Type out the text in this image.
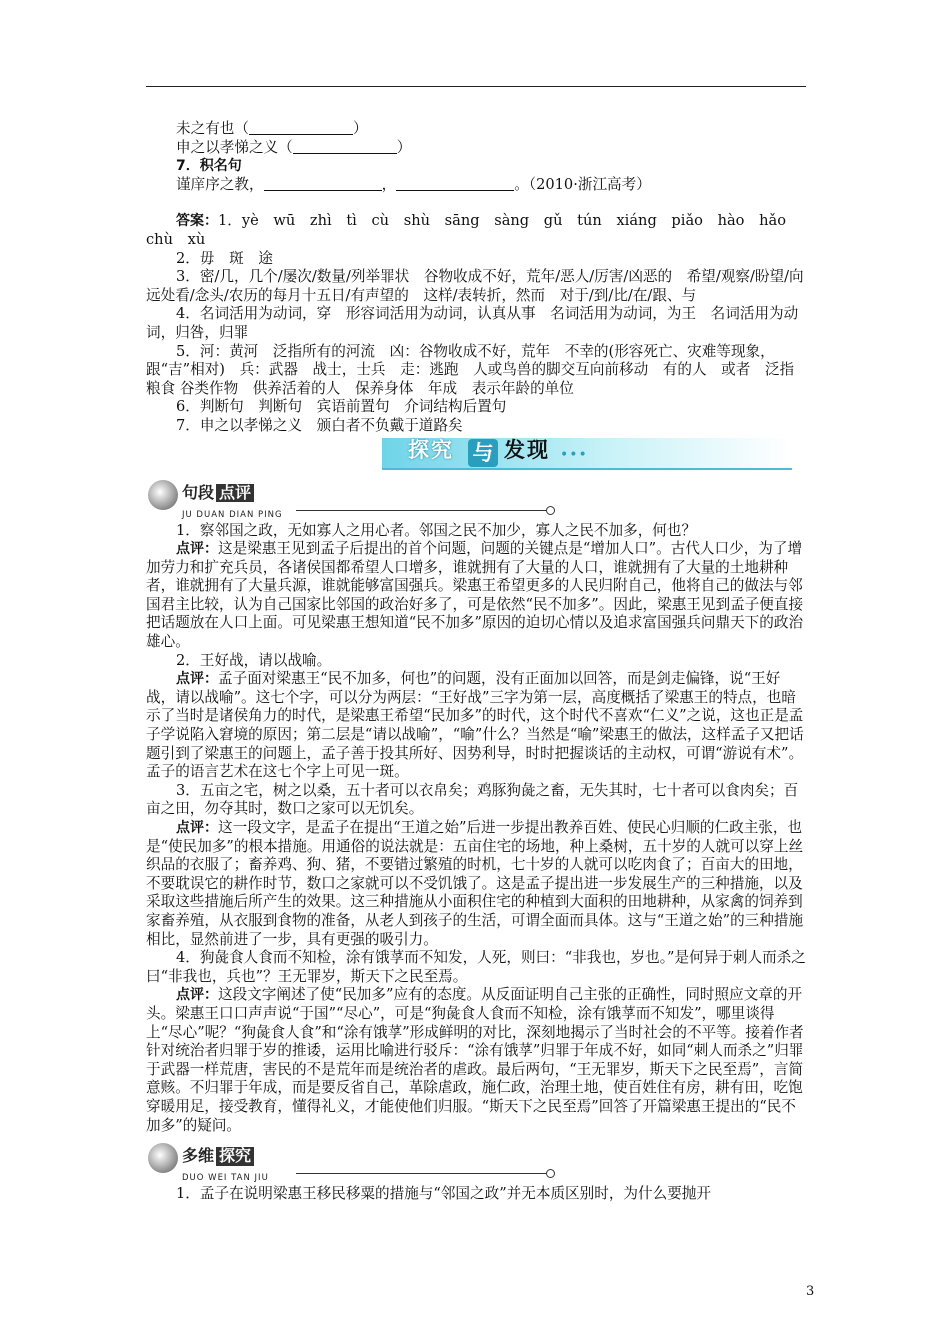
未之有也（	）

申之以孝悌之义（	）

7．积名句

谨庠序之教，	，	。（2010·浙江高考）

答案：1．yè wū zhì tì cù shù sāng sàng gǔ tún xiáng piǎo hào hǎo chù xù

2．毋　斑　途

3．密/几，几个/屡次/数量/列举罪状　谷物收成不好，荒年/恶人/厉害/凶恶的　希望/观察/盼望/向远处看/念头/农历的每月十五日/有声望的　这样/表转折，然而　对于/到/比/在/跟、与

4．名词活用为动词，穿　形容词活用为动词，认真从事　名词活用为动词，为王　名词活用为动词，归咎，归罪

5．河：黄河　泛指所有的河流　凶：谷物收成不好，荒年　不幸的(形容死亡、灾难等现象，跟“吉”相对)　兵：武器　战士，士兵　走：逃跑　人或鸟兽的脚交互向前移动　有的人　或者　泛指粮食 谷类作物　供养活着的人　保养身体　年成　表示年龄的单位

6．判断句　判断句　宾语前置句　介词结构后置句

7．申之以孝悌之义　颁白者不负戴于道路矣

探究 与 发现 •••
句段 点评
JU DUAN DIAN PING

1．察邻国之政，无如寡人之用心者。邻国之民不加少，寡人之民不加多，何也？

点评：这是梁惠王见到孟子后提出的首个问题，问题的关键点是“增加人口”。古代人口少，为了增加劳力和扩充兵员，各诸侯国都希望人口增多，谁就拥有了大量的人口，谁就拥有了大量的土地耕种者，谁就拥有了大量兵源，谁就能够富国强兵。梁惠王希望更多的人民归附自己，他将自己的做法与邻国君主比较，认为自己国家比邻国的政治好多了，可是依然“民不加多”。因此，梁惠王见到孟子便直接把话题放在人口上面。可见梁惠王想知道“民不加多”原因的迫切心情以及追求富国强兵问鼎天下的政治雄心。

2．王好战，请以战喻。

点评：孟子面对梁惠王“民不加多，何也”的问题，没有正面加以回答，而是剑走偏锋，说“王好战，请以战喻”。这七个字，可以分为两层：“王好战”三字为第一层，高度概括了梁惠王的特点，也暗示了当时是诸侯角力的时代，是梁惠王希望“民加多”的时代，这个时代不喜欢“仁义”之说，这也正是孟子学说陷入窘境的原因；第二层是“请以战喻”，“喻”什么？当然是“喻”梁惠王的做法，这样孟子又把话题引到了梁惠王的问题上，孟子善于投其所好、因势利导，时时把握谈话的主动权，可谓“游说有术”。孟子的语言艺术在这七个字上可见一斑。

3．五亩之宅，树之以桑，五十者可以衣帛矣；鸡豚狗彘之畜，无失其时，七十者可以食肉矣；百亩之田，勿夺其时，数口之家可以无饥矣。

点评：这一段文字，是孟子在提出“王道之始”后进一步提出教养百姓、使民心归顺的仁政主张，也是“使民加多”的根本措施。用通俗的说法就是：五亩住宅的场地，种上桑树，五十岁的人就可以穿上丝织品的衣服了；畜养鸡、狗、猪，不要错过繁殖的时机，七十岁的人就可以吃肉食了；百亩大的田地，不要耽误它的耕作时节，数口之家就可以不受饥饿了。这是孟子提出进一步发展生产的三种措施，以及采取这些措施后所产生的效果。这三种措施从小面积住宅的种植到大面积的田地耕种，从家禽的饲养到家畜养殖，从衣服到食物的准备，从老人到孩子的生活，可谓全面而具体。这与“王道之始”的三种措施相比，显然前进了一步，具有更强的吸引力。

4．狗彘食人食而不知检，涂有饿莩而不知发，人死，则曰：“非我也，岁也。”是何异于刺人而杀之曰“非我也，兵也”？王无罪岁，斯天下之民至焉。

点评：这段文字阐述了使“民加多”应有的态度。从反面证明自己主张的正确性，同时照应文章的开头。梁惠王口口声声说“于国”“尽心”，可是“狗彘食人食而不知检，涂有饿莩而不知发”，哪里谈得上“尽心”呢？“狗彘食人食”和“涂有饿莩”形成鲜明的对比，深刻地揭示了当时社会的不平等。接着作者针对统治者归罪于岁的推诿，运用比喻进行驳斥：“涂有饿莩”归罪于年成不好，如同“刺人而杀之”归罪于武器一样荒唐，害民的不是荒年而是统治者的虐政。最后两句，“王无罪岁，斯天下之民至焉”，言简意赅。不归罪于年成，而是要反省自己，革除虐政，施仁政，治理土地，使百姓住有房，耕有田，吃饱穿暖用足，接受教育，懂得礼义，才能使他们归服。“斯天下之民至焉”回答了开篇梁惠王提出的“民不加多”的疑问。

多维 探究
DUO WEI TAN JIU

1．孟子在说明梁惠王移民移粟的措施与“邻国之政”并无本质区别时，为什么要抛开

3
